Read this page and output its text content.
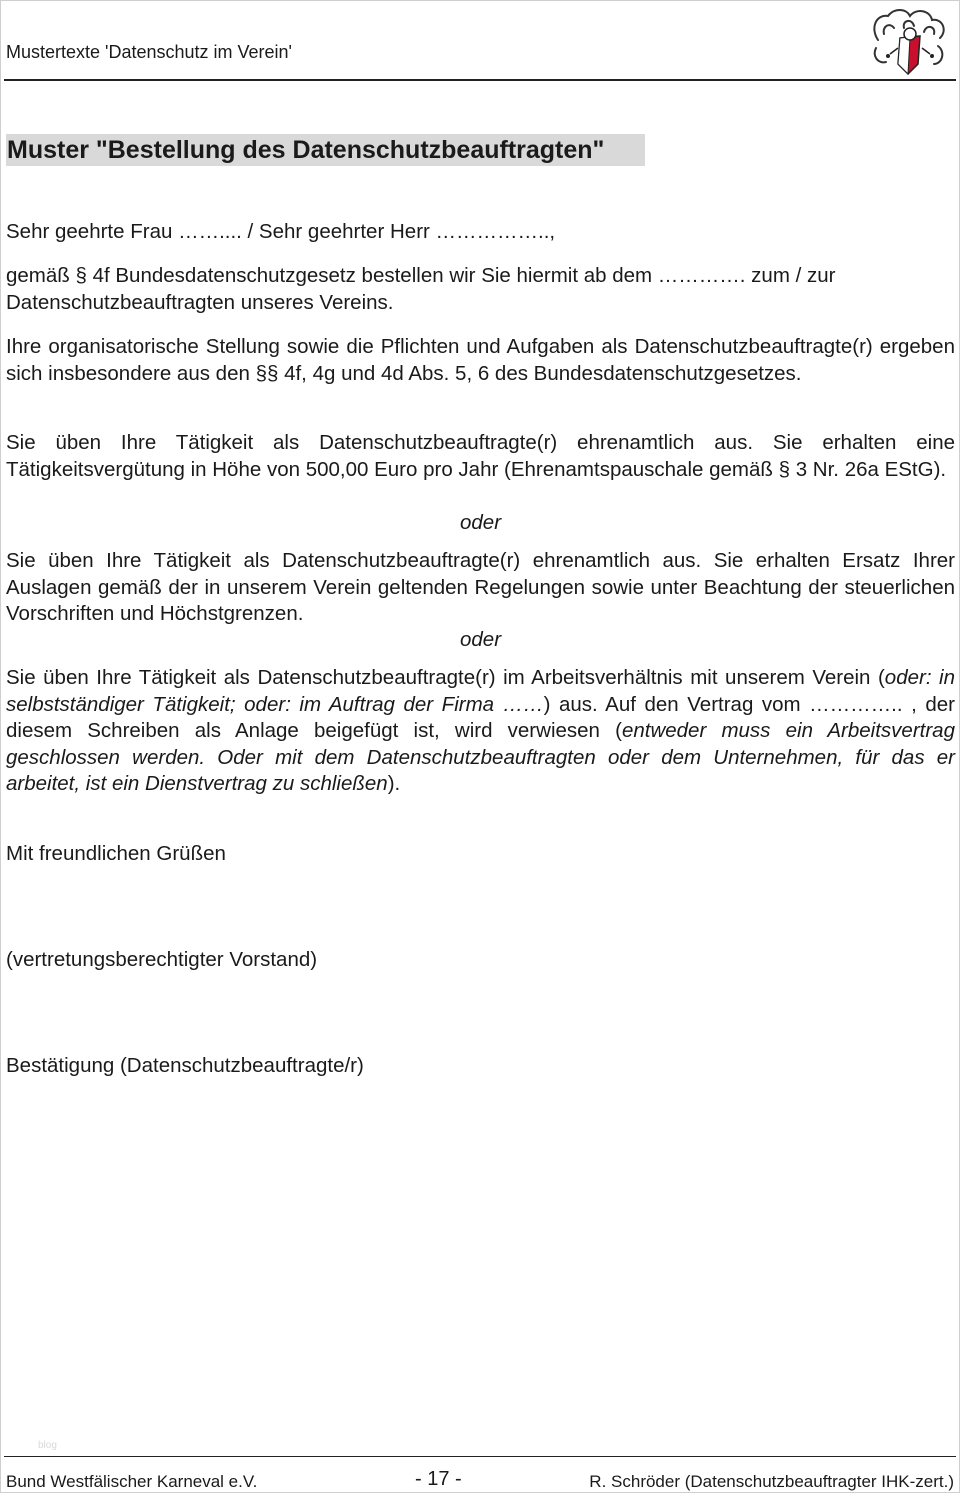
Mustertexte 'Datenschutz im Verein'
Muster "Bestellung des Datenschutzbeauftragten"

Sehr geehrte Frau …….... / Sehr geehrter Herr ……………..,

gemäß § 4f Bundesdatenschutzgesetz bestellen wir Sie hiermit ab dem …………. zum / zur Datenschutzbeauftragten unseres Vereins.

Ihre organisatorische Stellung sowie die Pflichten und Aufgaben als Datenschutzbeauftragte(r) ergeben sich insbesondere aus den §§ 4f, 4g und 4d Abs. 5, 6 des Bundesdatenschutzgesetzes.

Sie üben Ihre Tätigkeit als Datenschutzbeauftragte(r) ehrenamtlich aus. Sie erhalten eine Tätigkeitsvergütung in Höhe von 500,00 Euro pro Jahr (Ehrenamtspauschale gemäß § 3 Nr. 26a EStG).

oder

Sie üben Ihre Tätigkeit als Datenschutzbeauftragte(r) ehrenamtlich aus. Sie erhalten Ersatz Ihrer Auslagen gemäß der in unserem Verein geltenden Regelungen sowie unter Beachtung der steuerlichen Vorschriften und Höchstgrenzen.

oder

Sie üben Ihre Tätigkeit als Datenschutzbeauftragte(r) im Arbeitsverhältnis mit unserem Verein (oder: in selbstständiger Tätigkeit; oder: im Auftrag der Firma ……) aus. Auf den Vertrag vom ………….. , der diesem Schreiben als Anlage beigefügt ist, wird verwiesen (entweder muss ein Arbeitsvertrag geschlossen werden. Oder mit dem Datenschutzbeauftragten oder dem Unternehmen, für das er arbeitet, ist ein Dienstvertrag zu schließen).

Mit freundlichen Grüßen

(vertretungsberechtigter Vorstand)

Bestätigung (Datenschutzbeauftragte/r)

blog
Bund Westfälischer Karneval e.V.	- 17 -	R. Schröder (Datenschutzbeauftragter IHK-zert.)
